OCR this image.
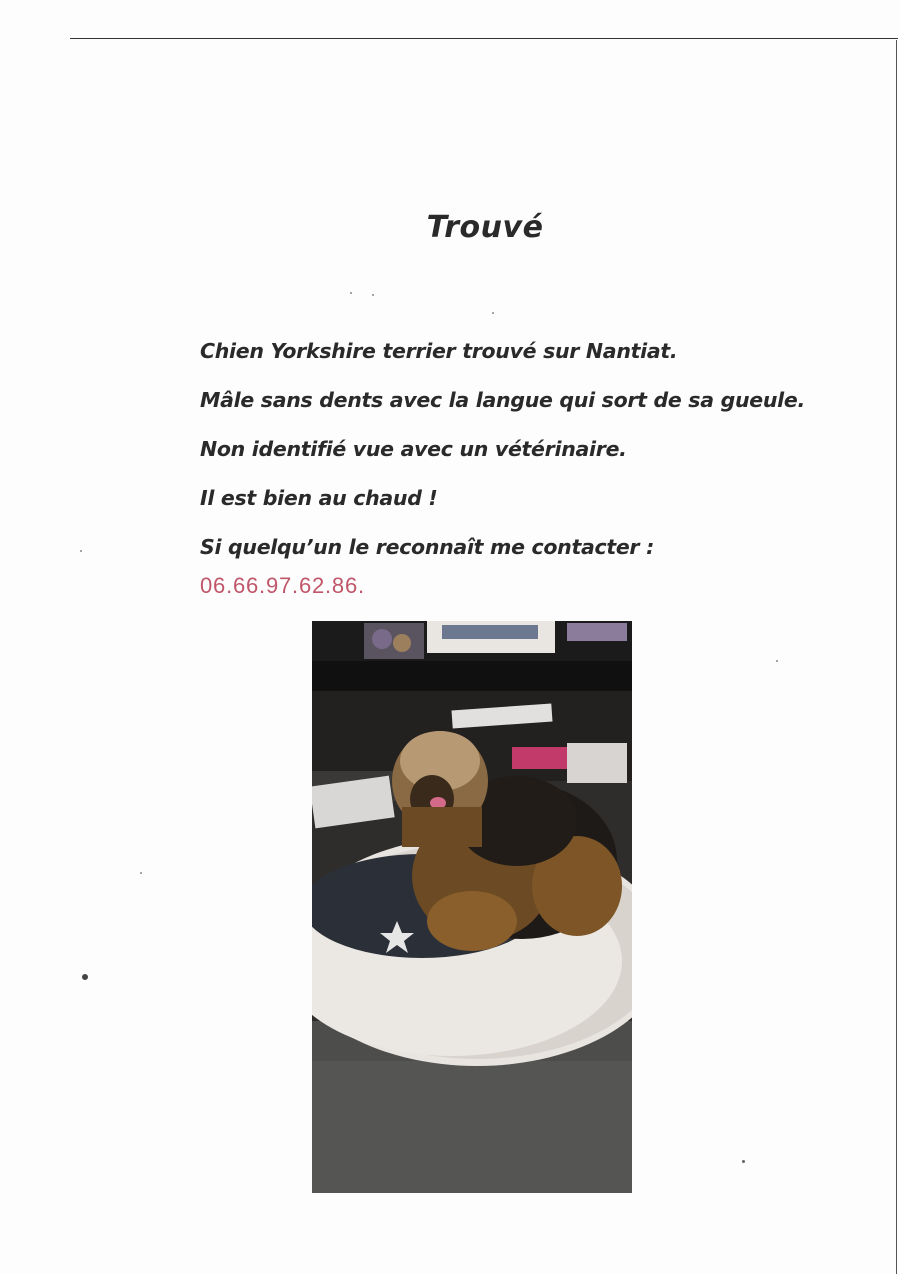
Trouvé
Chien Yorkshire terrier trouvé sur Nantiat.
Mâle sans dents avec la langue qui sort de sa gueule.
Non identifié vue avec un vétérinaire.
Il est bien au chaud !
Si quelqu’un le reconnaît me contacter :
06.66.97.62.86.
